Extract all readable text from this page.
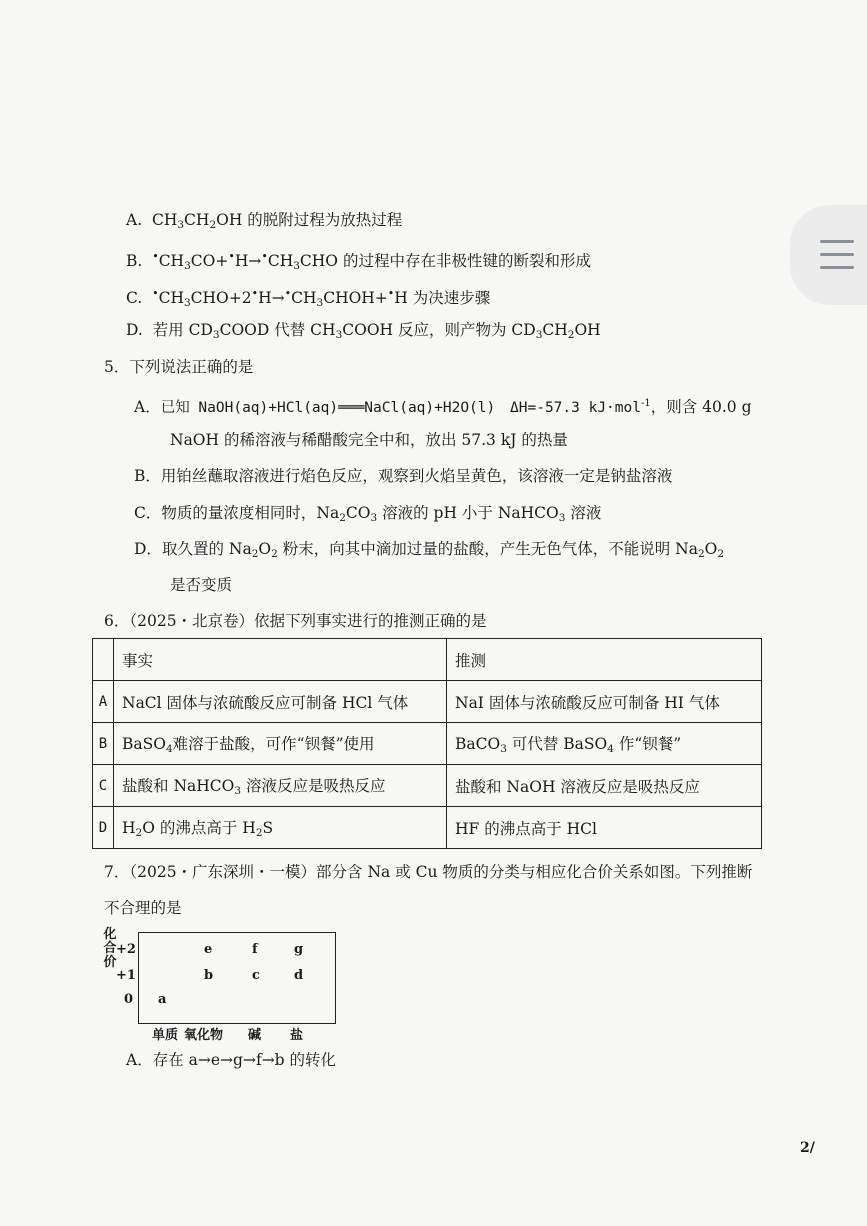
A.  $CH_3CH_2OH$ 的脱附过程为放热过程
B. $^•CH_3CO+^•H\to^•CH_3CHO$ 的过程中存在非极性键的断裂和形成
C. $^•CH_3CHO+2^•H\to^•CH_3CHOH+^•H$ 为决速步骤
D. 若用 $CD_3COOD$ 代替 $CH_3COOH$ 反应，则产物为 $CD_3CH_2OH$
5．下列说法正确的是
A．已知 NaOH(aq)+HCl(aq)═══NaCl(aq)+H2O(l) ΔH=-57.3 kJ·mol$^{-1}$，则含 40.0 g
NaOH 的稀溶液与稀醋酸完全中和，放出 57.3 kJ 的热量
B．用铂丝蘸取溶液进行焰色反应，观察到火焰呈黄色，该溶液一定是钠盐溶液
C．物质的量浓度相同时，$Na_2CO_3$ 溶液的 pH 小于 NaHCO$_3$ 溶液
D．取久置的 $Na_2O_2$ 粉末，向其中滴加过量的盐酸，产生无色气体，不能说明 $Na_2O_2$
是否变质
6．（2025・北京卷）依据下列事实进行的推测正确的是
	事实	推测
A	NaCl 固体与浓硫酸反应可制备 HCl 气体	NaI 固体与浓硫酸反应可制备 HI 气体
B	BaSO$_4$难溶于盐酸，可作“钡餐”使用	BaCO$_3$ 可代替 BaSO$_4$ 作“钡餐”
C	盐酸和 NaHCO$_3$ 溶液反应是吸热反应	盐酸和 NaOH 溶液反应是吸热反应
D	$H_2O$ 的沸点高于 $H_2S$	HF 的沸点高于 HCl
7．（2025・广东深圳・一模）部分含 Na 或 Cu 物质的分类与相应化合价关系如图。下列推断
不合理的是
化合价
+2
+1
0
单质 氧化物 碱 盐
a
b	c	d
e	f	g
A．存在 a→e→g→f→b 的转化
2/
